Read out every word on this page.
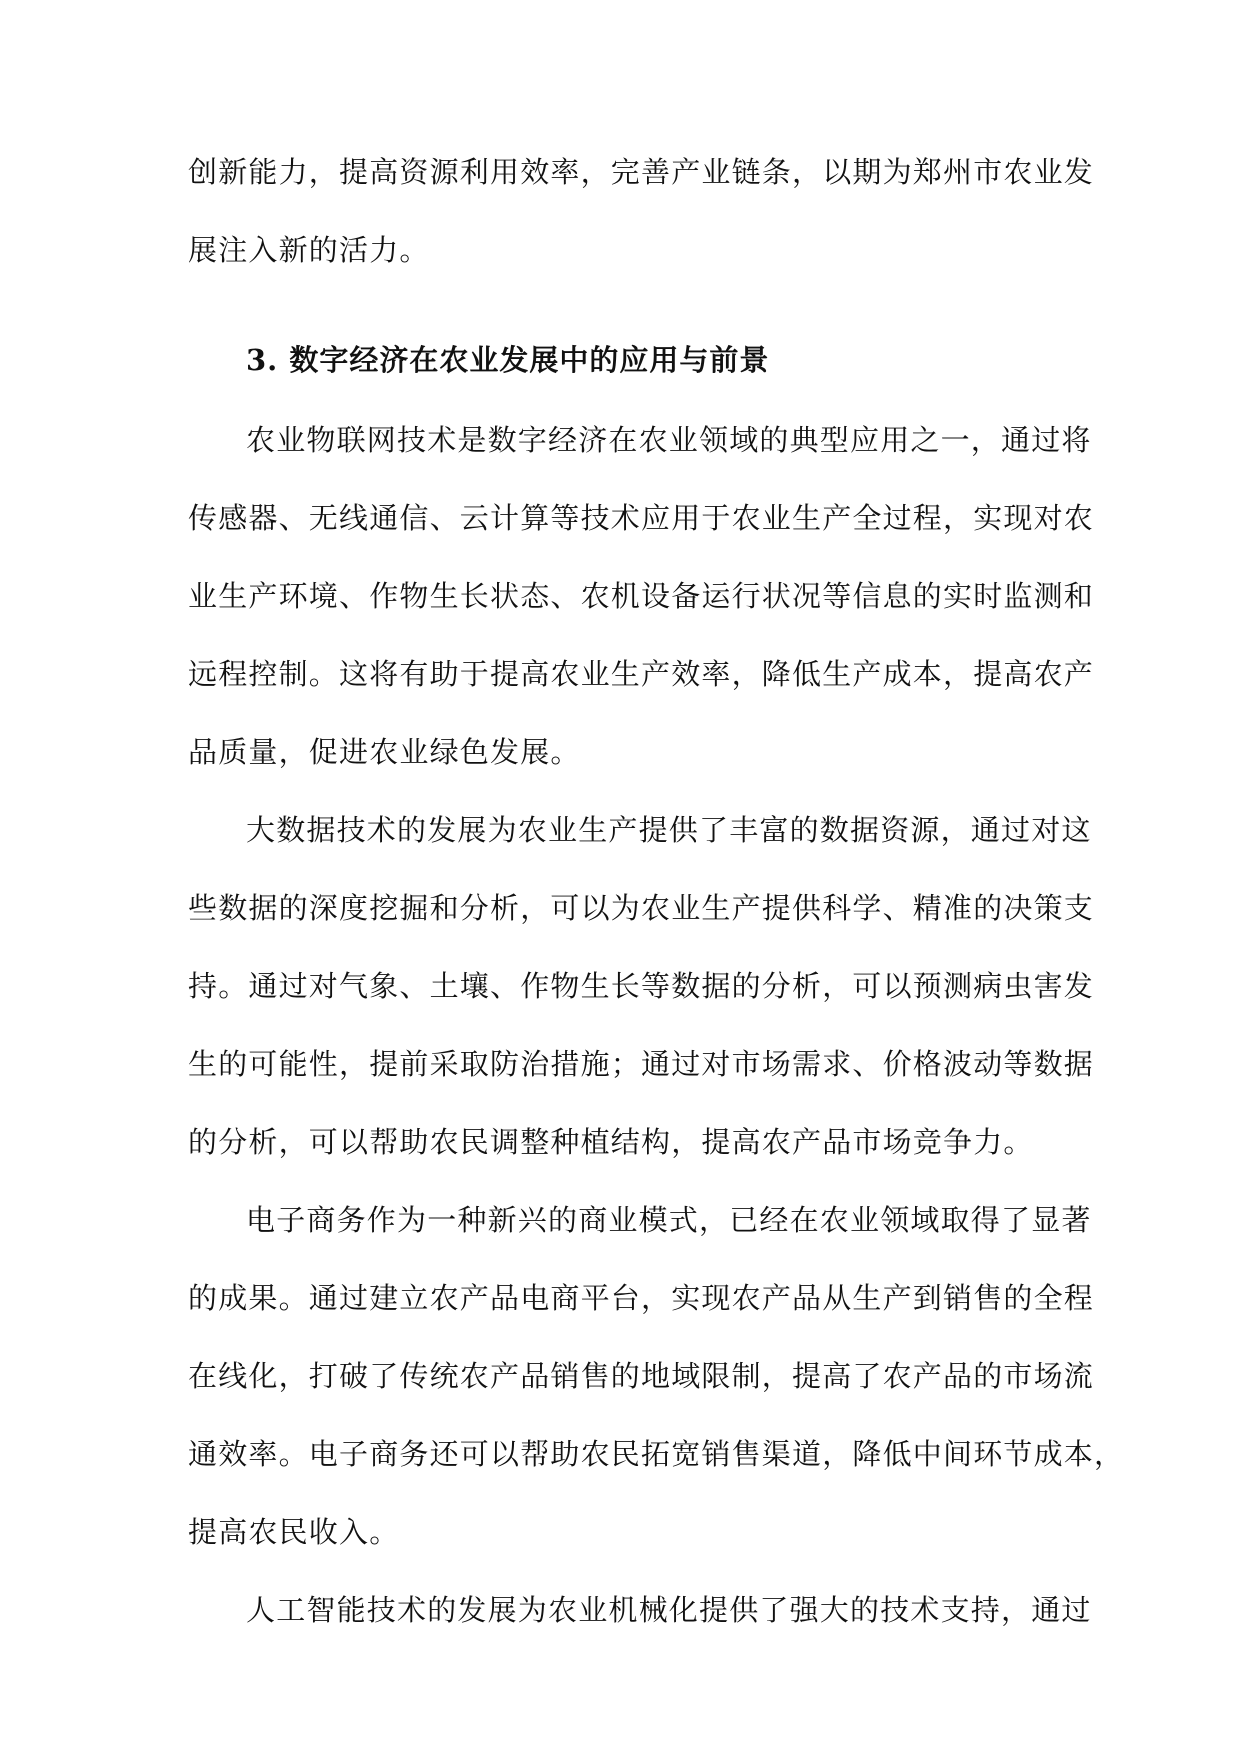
创新能力，提高资源利用效率，完善产业链条，以期为郑州市农业发
展注入新的活力。
3. 数字经济在农业发展中的应用与前景
农业物联网技术是数字经济在农业领域的典型应用之一，通过将
传感器、无线通信、云计算等技术应用于农业生产全过程，实现对农
业生产环境、作物生长状态、农机设备运行状况等信息的实时监测和
远程控制。这将有助于提高农业生产效率，降低生产成本，提高农产
品质量，促进农业绿色发展。
大数据技术的发展为农业生产提供了丰富的数据资源，通过对这
些数据的深度挖掘和分析，可以为农业生产提供科学、精准的决策支
持。通过对气象、土壤、作物生长等数据的分析，可以预测病虫害发
生的可能性，提前采取防治措施；通过对市场需求、价格波动等数据
的分析，可以帮助农民调整种植结构，提高农产品市场竞争力。
电子商务作为一种新兴的商业模式，已经在农业领域取得了显著
的成果。通过建立农产品电商平台，实现农产品从生产到销售的全程
在线化，打破了传统农产品销售的地域限制，提高了农产品的市场流
通效率。电子商务还可以帮助农民拓宽销售渠道，降低中间环节成本，
提高农民收入。
人工智能技术的发展为农业机械化提供了强大的技术支持，通过
